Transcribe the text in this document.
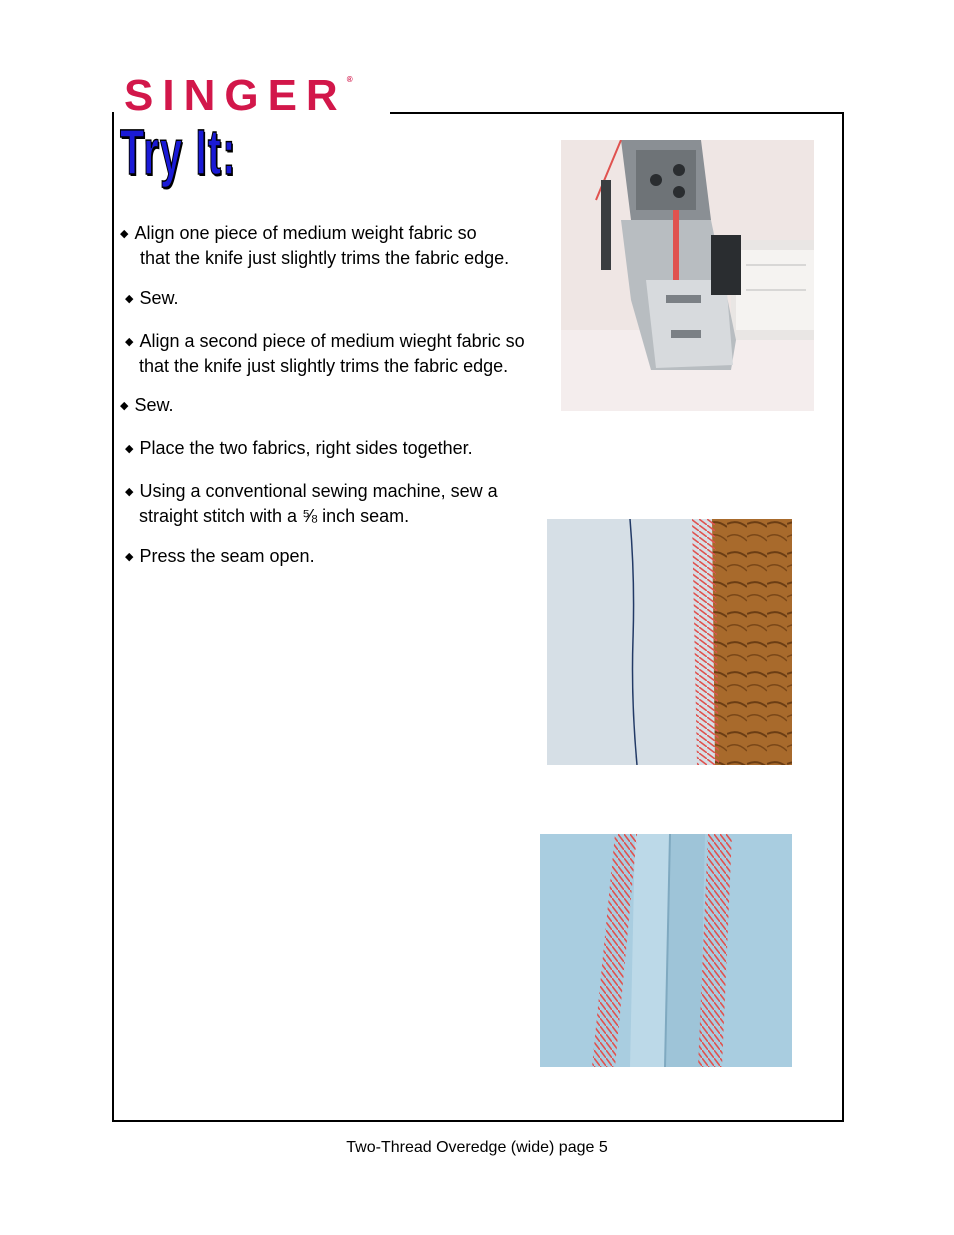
SINGER®
Try It:
◆ Align one piece of medium weight fabric so
that the knife just slightly trims the fabric edge.
◆ Sew.
◆ Align a second piece of medium wieght fabric so
that the knife just slightly trims the fabric edge.
◆ Sew.
◆ Place the two fabrics, right sides together.
◆ Using a conventional sewing machine, sew a
straight stitch with a ⅝ inch seam.
◆ Press the seam open.
Two-Thread Overedge (wide) page 5
